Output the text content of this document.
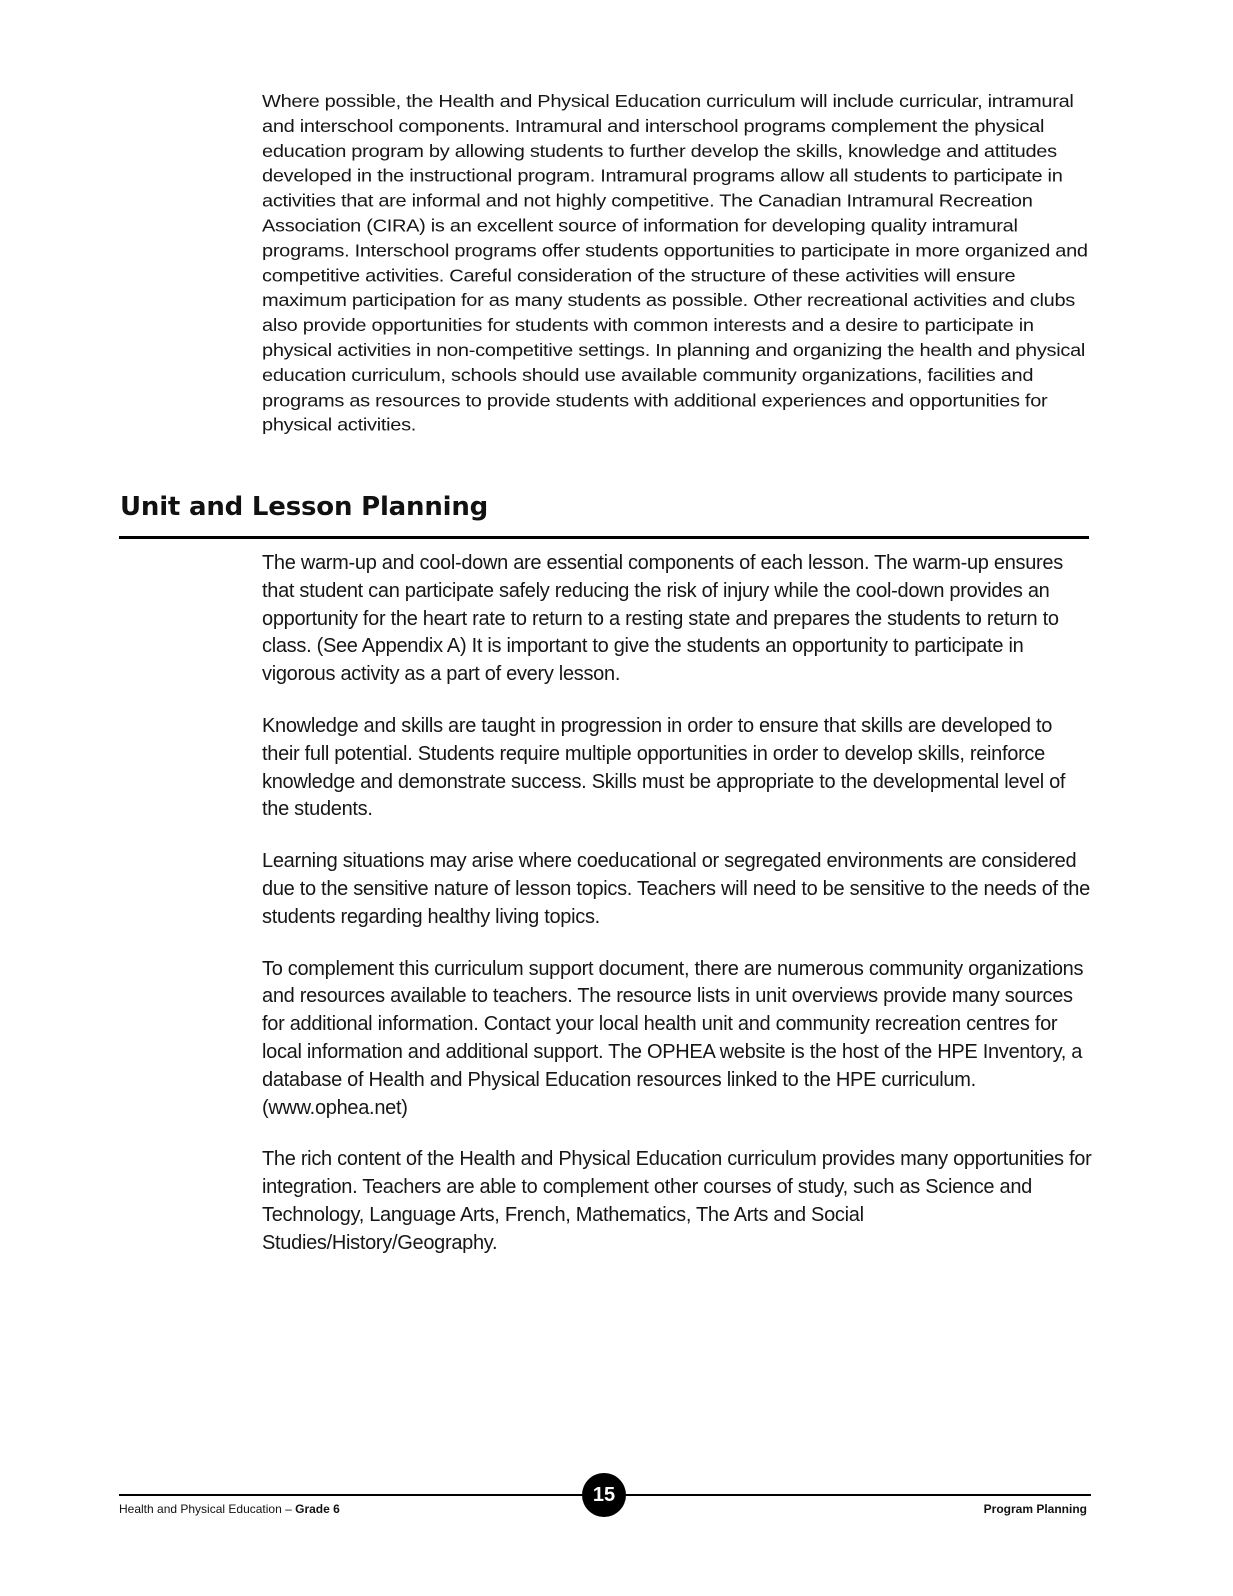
Where possible, the Health and Physical Education curriculum will include curricular, intramural and interschool components. Intramural and interschool programs complement the physical education program by allowing students to further develop the skills, knowledge and attitudes developed in the instructional program. Intramural programs allow all students to participate in activities that are informal and not highly competitive. The Canadian Intramural Recreation Association (CIRA) is an excellent source of information for developing quality intramural programs. Interschool programs offer students opportunities to participate in more organized and competitive activities. Careful consideration of the structure of these activities will ensure maximum participation for as many students as possible. Other recreational activities and clubs also provide opportunities for students with common interests and a desire to participate in physical activities in non-competitive settings. In planning and organizing the health and physical education curriculum, schools should use available community organizations, facilities and programs as resources to provide students with additional experiences and opportunities for physical activities.

Unit and Lesson Planning

The warm-up and cool-down are essential components of each lesson. The warm-up ensures that student can participate safely reducing the risk of injury while the cool-down provides an opportunity for the heart rate to return to a resting state and prepares the students to return to class. (See Appendix A) It is important to give the students an opportunity to participate in vigorous activity as a part of every lesson.

Knowledge and skills are taught in progression in order to ensure that skills are developed to their full potential. Students require multiple opportunities in order to develop skills, reinforce knowledge and demonstrate success. Skills must be appropriate to the developmental level of the students.

Learning situations may arise where coeducational or segregated environments are considered due to the sensitive nature of lesson topics. Teachers will need to be sensitive to the needs of the students regarding healthy living topics.

To complement this curriculum support document, there are numerous community organizations and resources available to teachers. The resource lists in unit overviews provide many sources for additional information. Contact your local health unit and community recreation centres for local information and additional support. The OPHEA website is the host of the HPE Inventory, a database of Health and Physical Education resources linked to the HPE curriculum. (www.ophea.net)

The rich content of the Health and Physical Education curriculum provides many opportunities for integration. Teachers are able to complement other courses of study, such as Science and Technology, Language Arts, French, Mathematics, The Arts and Social Studies/History/Geography.

Health and Physical Education – Grade 6
15
Program Planning
